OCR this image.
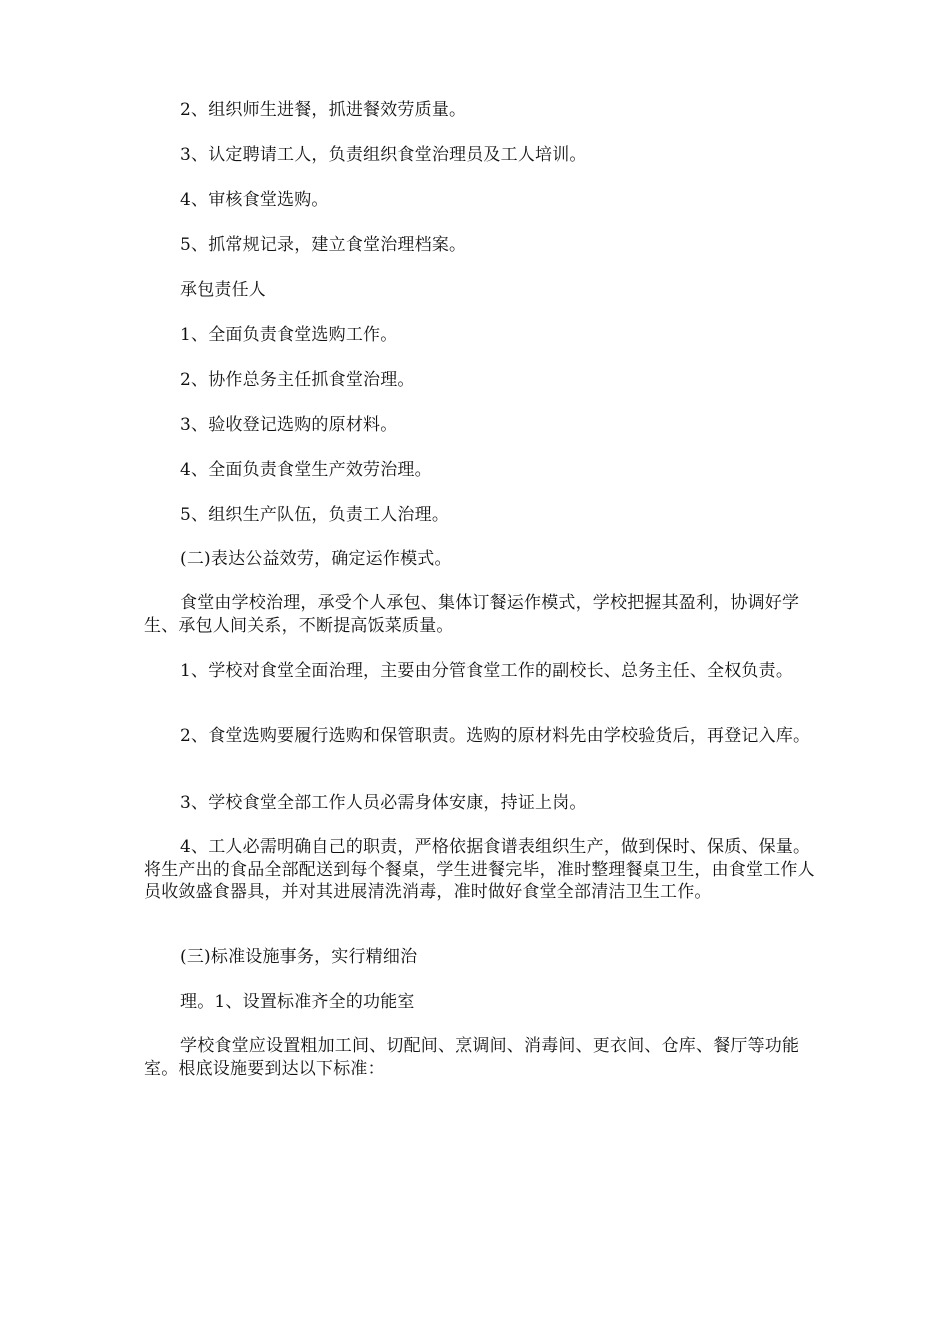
2、组织师生进餐，抓进餐效劳质量。

3、认定聘请工人，负责组织食堂治理员及工人培训。

4、审核食堂选购。

5、抓常规记录，建立食堂治理档案。

承包责任人

1、全面负责食堂选购工作。

2、协作总务主任抓食堂治理。

3、验收登记选购的原材料。

4、全面负责食堂生产效劳治理。

5、组织生产队伍，负责工人治理。

(二)表达公益效劳，确定运作模式。

食堂由学校治理，承受个人承包、集体订餐运作模式，学校把握其盈利，协调好学生、承包人间关系，不断提高饭菜质量。

1、学校对食堂全面治理，主要由分管食堂工作的副校长、总务主任、全权负责。

2、食堂选购要履行选购和保管职责。选购的原材料先由学校验货后，再登记入库。

3、学校食堂全部工作人员必需身体安康，持证上岗。

4、工人必需明确自己的职责，严格依据食谱表组织生产，做到保时、保质、保量。将生产出的食品全部配送到每个餐桌，学生进餐完毕，准时整理餐桌卫生，由食堂工作人员收敛盛食器具，并对其进展清洗消毒，准时做好食堂全部清洁卫生工作。

(三)标准设施事务，实行精细治

理。1、设置标准齐全的功能室

学校食堂应设置粗加工间、切配间、烹调间、消毒间、更衣间、仓库、餐厅等功能室。根底设施要到达以下标准：
